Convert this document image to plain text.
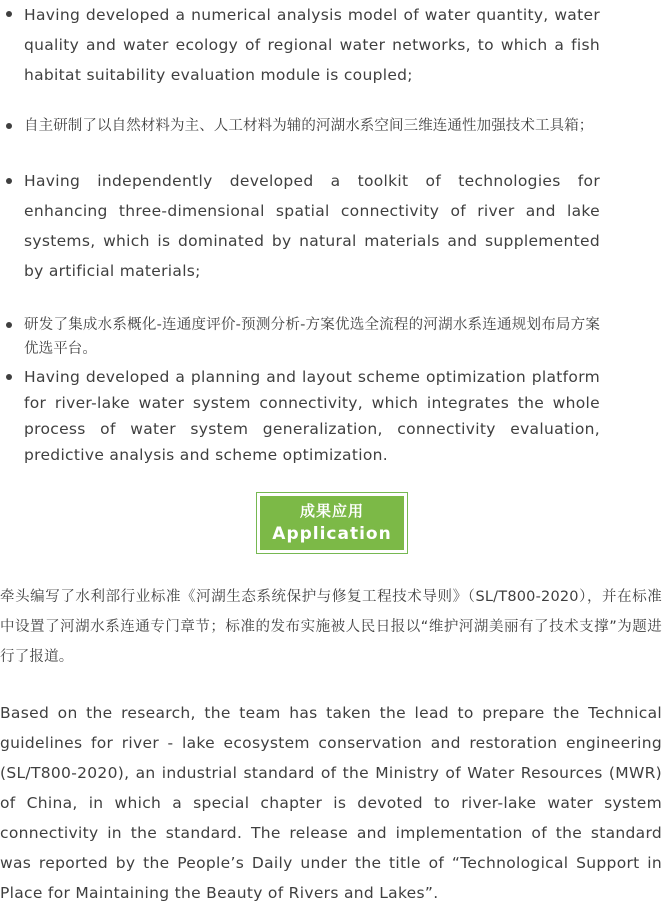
Having developed a numerical analysis model of water quantity, water quality and water ecology of regional water networks, to which a fish habitat suitability evaluation module is coupled;
自主研制了以自然材料为主、人工材料为辅的河湖水系空间三维连通性加强技术工具箱；
Having independently developed a toolkit of technologies for enhancing three-dimensional spatial connectivity of river and lake systems, which is dominated by natural materials and supplemented by artificial materials;
研发了集成水系概化-连通度评价-预测分析-方案优选全流程的河湖水系连通规划布局方案优选平台。
Having developed a planning and layout scheme optimization platform for river-lake water system connectivity, which integrates the whole process of water system generalization, connectivity evaluation, predictive analysis and scheme optimization.
成果应用
Application

牵头编写了水利部行业标准《河湖生态系统保护与修复工程技术导则》（SL/T800-2020），并在标准中设置了河湖水系连通专门章节；标准的发布实施被人民日报以“维护河湖美丽有了技术支撑”为题进行了报道。

Based on the research, the team has taken the lead to prepare the Technical guidelines for river - lake ecosystem conservation and restoration engineering (SL/T800-2020), an industrial standard of the Ministry of Water Resources (MWR) of China, in which a special chapter is devoted to river-lake water system connectivity in the standard. The release and implementation of the standard was reported by the People’s Daily under the title of “Technological Support in Place for Maintaining the Beauty of Rivers and Lakes”.
